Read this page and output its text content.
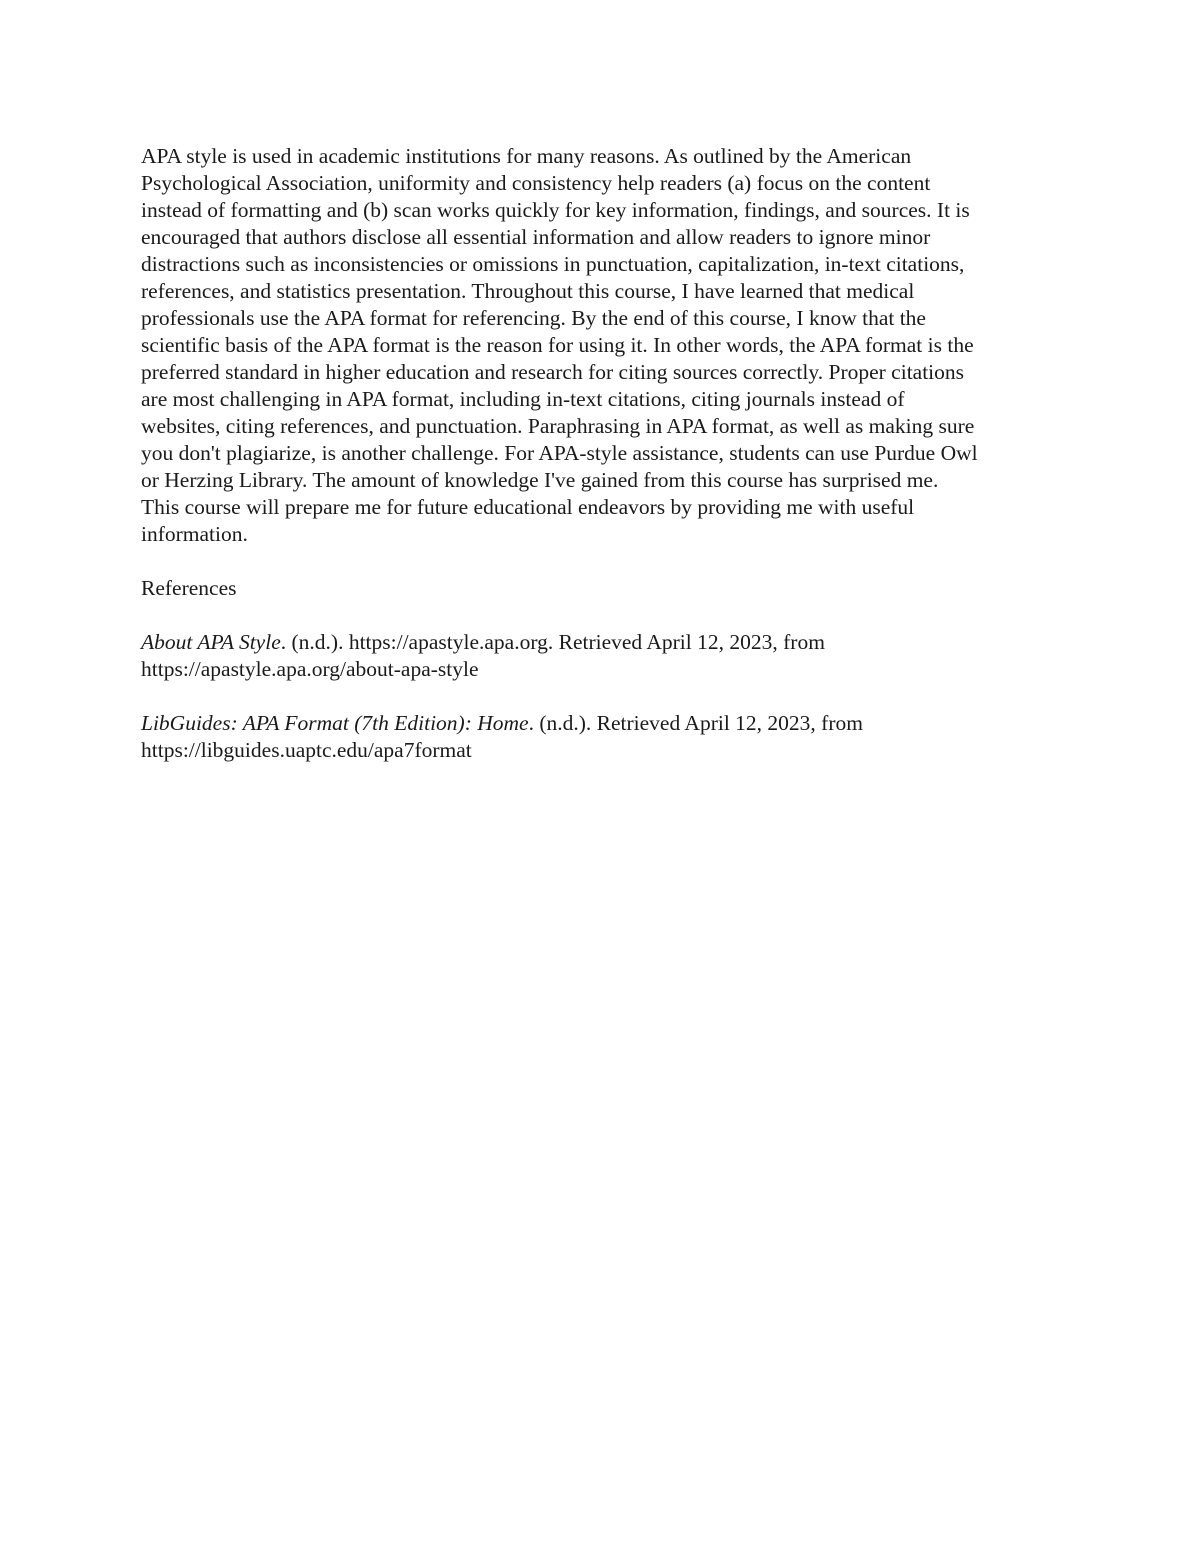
APA style is used in academic institutions for many reasons. As outlined by the American
Psychological Association, uniformity and consistency help readers (a) focus on the content
instead of formatting and (b) scan works quickly for key information, findings, and sources. It is
encouraged that authors disclose all essential information and allow readers to ignore minor
distractions such as inconsistencies or omissions in punctuation, capitalization, in-text citations,
references, and statistics presentation. Throughout this course, I have learned that medical
professionals use the APA format for referencing. By the end of this course, I know that the
scientific basis of the APA format is the reason for using it. In other words, the APA format is the
preferred standard in higher education and research for citing sources correctly. Proper citations
are most challenging in APA format, including in-text citations, citing journals instead of
websites, citing references, and punctuation. Paraphrasing in APA format, as well as making sure
you don't plagiarize, is another challenge. For APA-style assistance, students can use Purdue Owl
or Herzing Library. The amount of knowledge I've gained from this course has surprised me.
This course will prepare me for future educational endeavors by providing me with useful
information.
References
About APA Style. (n.d.). https://apastyle.apa.org. Retrieved April 12, 2023, from
https://apastyle.apa.org/about-apa-style
LibGuides: APA Format (7th Edition): Home. (n.d.). Retrieved April 12, 2023, from
https://libguides.uaptc.edu/apa7format
